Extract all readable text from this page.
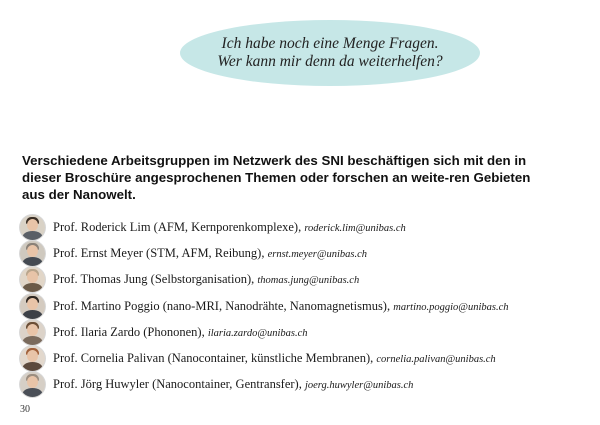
Ich habe noch eine Menge Fragen. Wer kann mir denn da weiterhelfen?

Verschiedene Arbeitsgruppen im Netzwerk des SNI beschäftigen sich mit den in dieser Broschüre angesprochenen Themen oder forschen an weite-ren Gebieten aus der Nanowelt.

Prof. Roderick Lim (AFM, Kernporenkomplexe), roderick.lim@unibas.ch
Prof. Ernst Meyer (STM, AFM, Reibung), ernst.meyer@unibas.ch
Prof. Thomas Jung (Selbstorganisation), thomas.jung@unibas.ch
Prof. Martino Poggio (nano-MRI, Nanodrähte, Nanomagnetismus), martino.poggio@unibas.ch
Prof. Ilaria Zardo (Phononen), ilaria.zardo@unibas.ch
Prof. Cornelia Palivan (Nanocontainer, künstliche Membranen), cornelia.palivan@unibas.ch
Prof. Jörg Huwyler (Nanocontainer, Gentransfer), joerg.huwyler@unibas.ch
30
